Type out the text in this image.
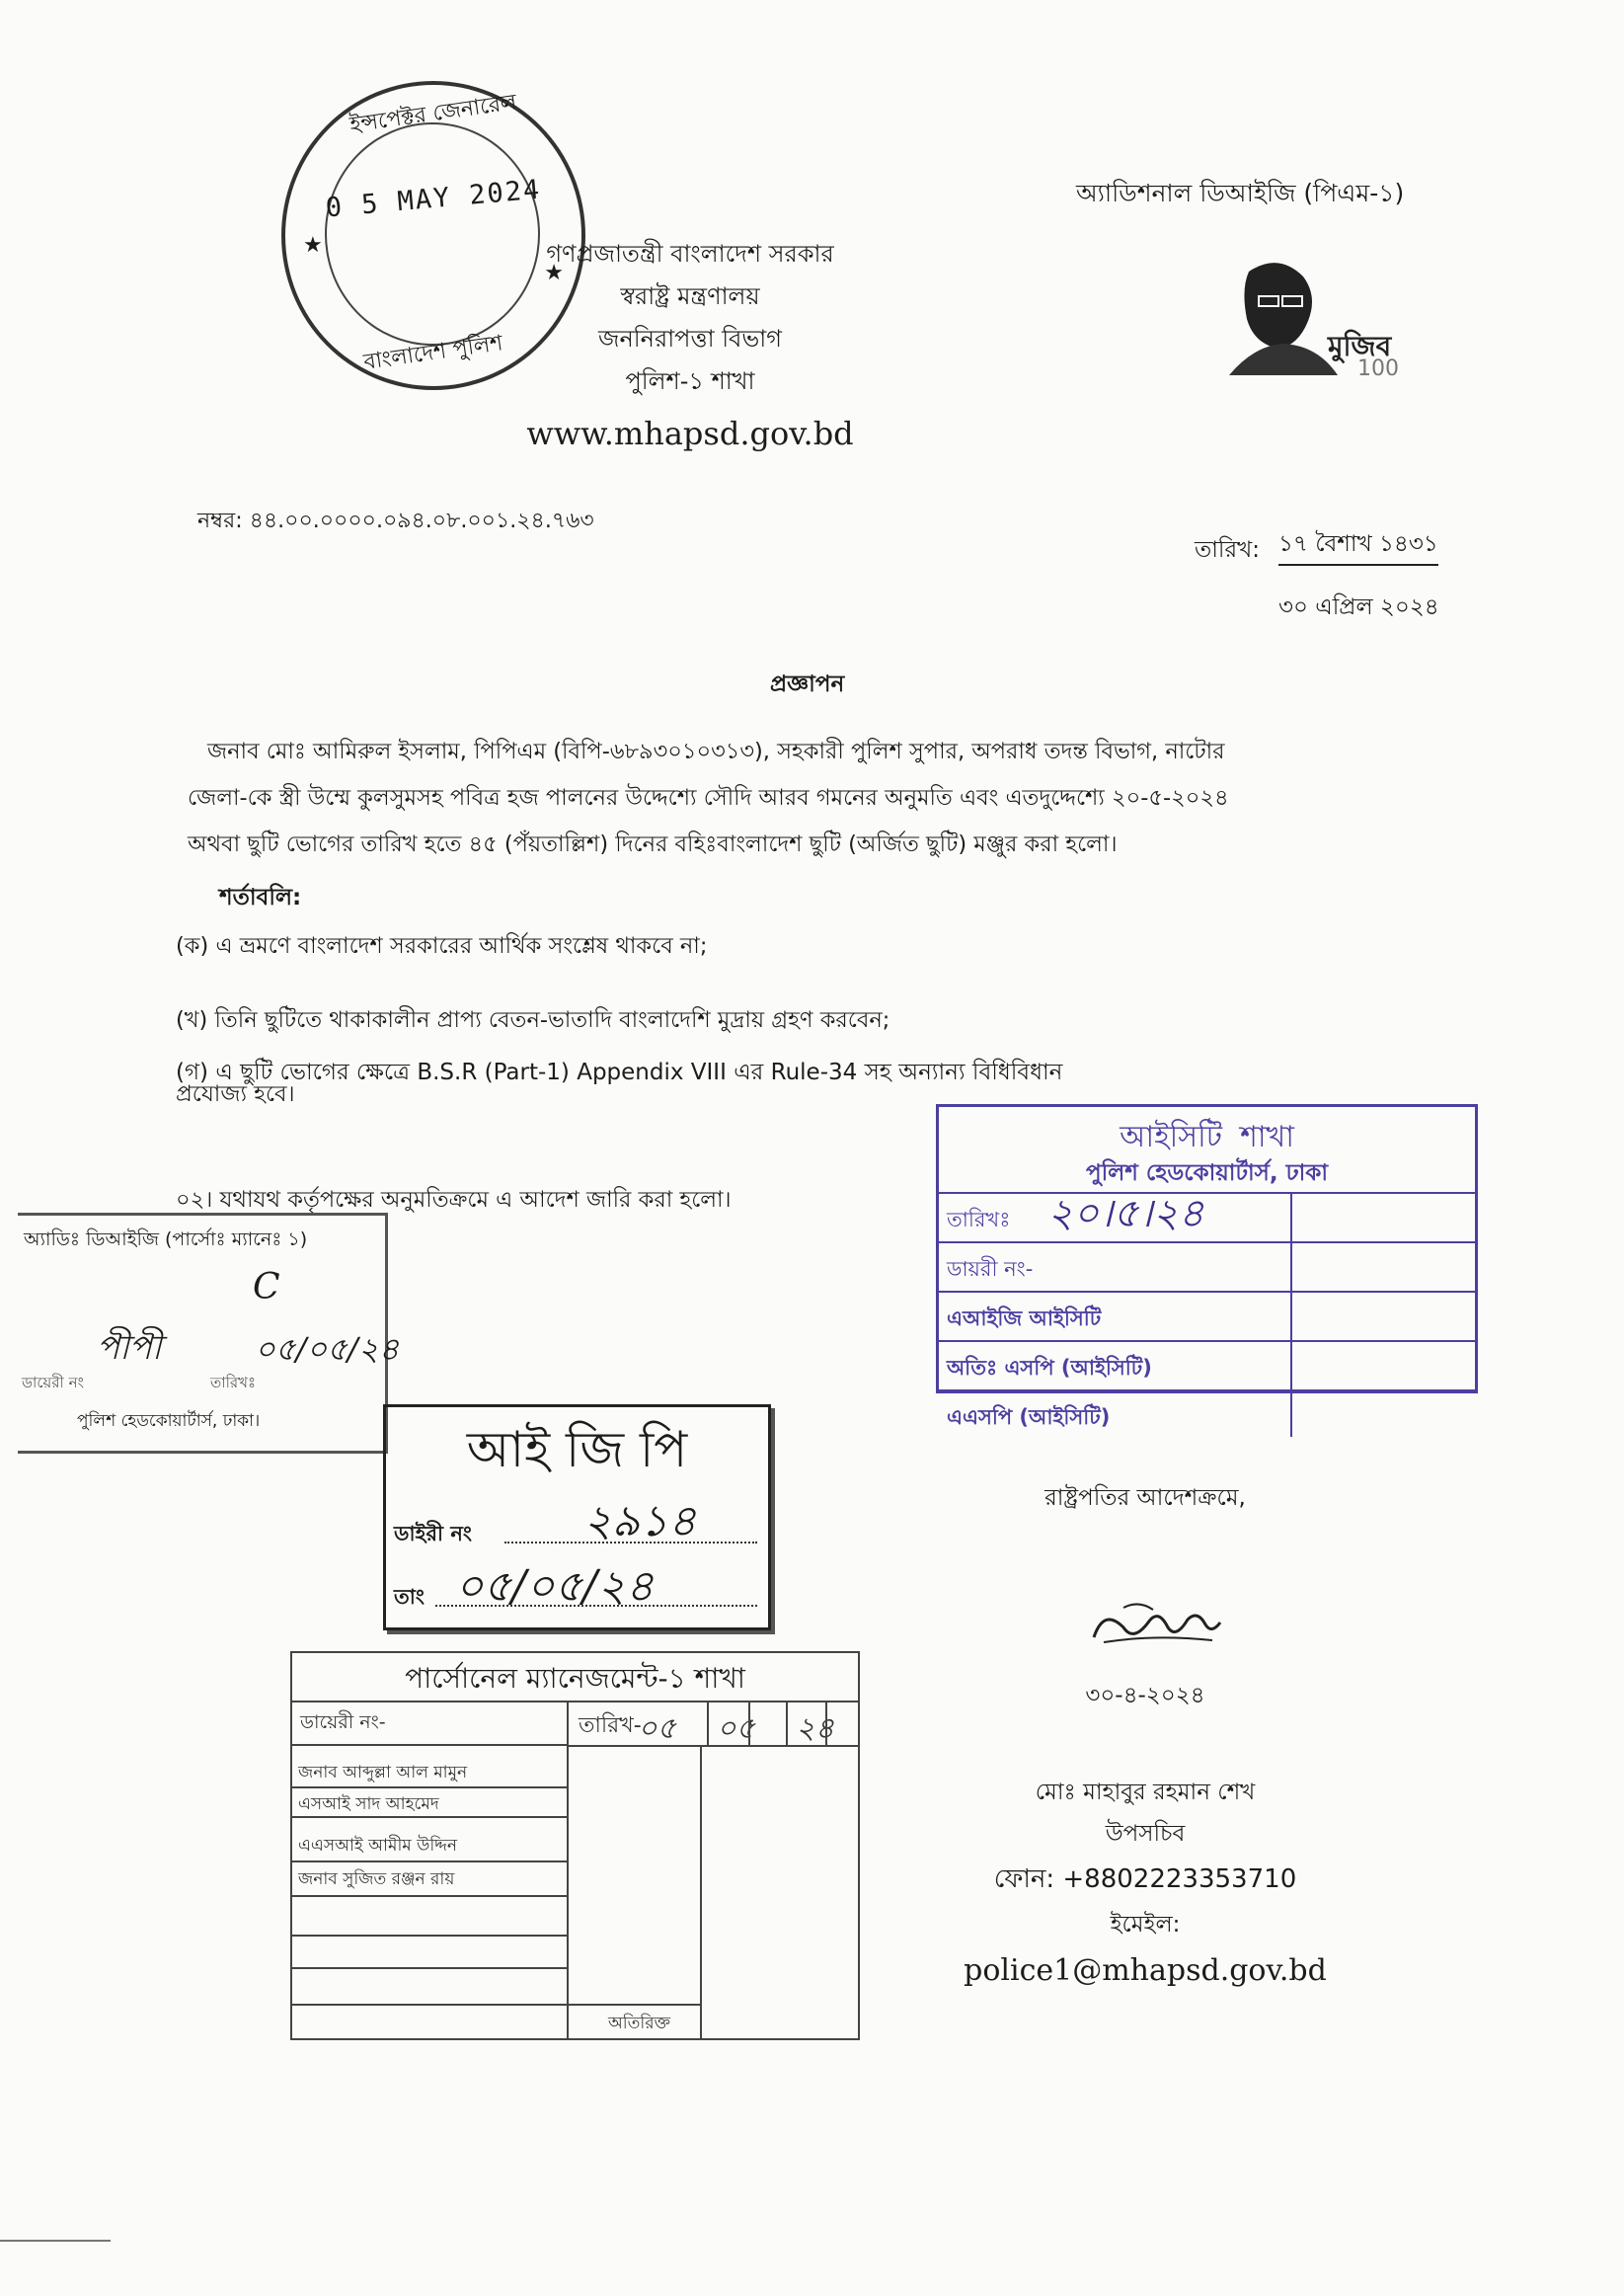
ইন্সপেক্টর জেনারেল
0 5 MAY 2024
★
★
বাংলাদেশ পুলিশ
গণপ্রজাতন্ত্রী বাংলাদেশ সরকার
স্বরাষ্ট্র মন্ত্রণালয়
জননিরাপত্তা বিভাগ
পুলিশ-১ শাখা
www.mhapsd.gov.bd
অ্যাডিশনাল ডিআইজি (পিএম-১)
মুজিব
100
নম্বর: ৪৪.০০.০০০০.০৯৪.০৮.০০১.২৪.৭৬৩
তারিখ: ১৭ বৈশাখ ১৪৩১
৩০ এপ্রিল ২০২৪
প্রজ্ঞাপন
জনাব মোঃ আমিরুল ইসলাম, পিপিএম (বিপি-৬৮৯৩০১০৩১৩), সহকারী পুলিশ সুপার, অপরাধ তদন্ত বিভাগ, নাটোর
জেলা-কে স্ত্রী উম্মে কুলসুমসহ পবিত্র হজ পালনের উদ্দেশ্যে সৌদি আরব গমনের অনুমতি এবং এতদুদ্দেশ্যে ২০-৫-২০২৪
অথবা ছুটি ভোগের তারিখ হতে ৪৫ (পঁয়তাল্লিশ) দিনের বহিঃবাংলাদেশ ছুটি (অর্জিত ছুটি) মঞ্জুর করা হলো।
শর্তাবলি:
(ক) এ ভ্রমণে বাংলাদেশ সরকারের আর্থিক সংশ্লেষ থাকবে না;
(খ) তিনি ছুটিতে থাকাকালীন প্রাপ্য বেতন-ভাতাদি বাংলাদেশি মুদ্রায় গ্রহণ করবেন;
(গ) এ ছুটি ভোগের ক্ষেত্রে B.S.R (Part-1) Appendix VIII এর Rule-34 সহ অন্যান্য বিধিবিধান
প্রযোজ্য হবে।
০২। যথাযথ কর্তৃপক্ষের অনুমতিক্রমে এ আদেশ জারি করা হলো।
আইসিটি শাখা
পুলিশ হেডকোয়ার্টার্স, ঢাকা
তারিখঃ ২০।৫।২৪
ডায়রী নং-
এআইজি আইসিটি
অতিঃ এসপি (আইসিটি)
এএসপি (আইসিটি)
অ্যাডিঃ ডিআইজি (পার্সোঃ ম্যানেঃ ১)
C
পীপী	০৫/০৫/২৪
ডায়েরী নং	তারিখঃ
পুলিশ হেডকোয়ার্টার্স, ঢাকা।	আই জি পি
ডাইরী নং	২৯১৪
তাং ০৫/০৫/২৪
পার্সোনেল ম্যানেজমেন্ট-১ শাখা
ডায়েরী নং-	তারিখ-
০৫ ০৫ ২৪
জনাব আব্দুল্লা আল মামুন
এসআই সাদ আহমেদ
এএসআই আমীম উদ্দিন
জনাব সুজিত রঞ্জন রায়
অতিরিক্ত
রাষ্ট্রপতির আদেশক্রমে,
৩০-৪-২০২৪
মোঃ মাহাবুর রহমান শেখ
উপসচিব
ফোন: +8802223353710
ইমেইল:
police1@mhapsd.gov.bd
